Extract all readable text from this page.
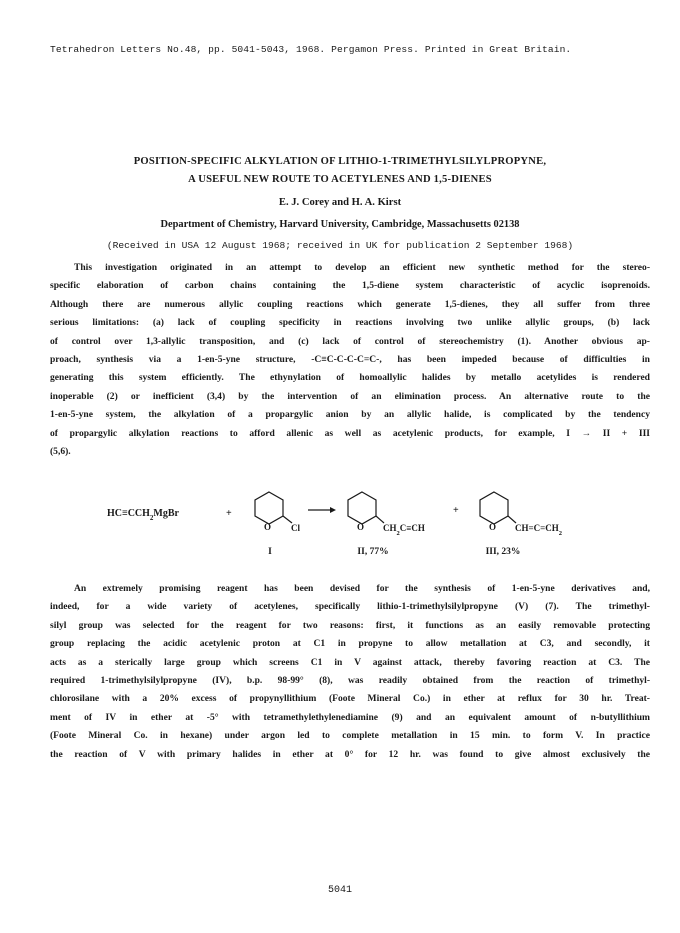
Tetrahedron Letters No.48, pp. 5041-5043, 1968. Pergamon Press. Printed in Great Britain.
POSITION-SPECIFIC ALKYLATION OF LITHIO-1-TRIMETHYLSILYLPROPYNE,
A USEFUL NEW ROUTE TO ACETYLENES AND 1,5-DIENES
E. J. Corey and H. A. Kirst
Department of Chemistry, Harvard University, Cambridge, Massachusetts 02138
(Received in USA 12 August 1968; received in UK for publication 2 September 1968)
This investigation originated in an attempt to develop an efficient new synthetic method for the stereo-
specific elaboration of carbon chains containing the 1,5-diene system characteristic of acyclic isoprenoids.
Although there are numerous allylic coupling reactions which generate 1,5-dienes, they all suffer from three
serious limitations: (a) lack of coupling specificity in reactions involving two unlike allylic groups, (b) lack
of control over 1,3-allylic transposition, and (c) lack of control of stereochemistry (1). Another obvious ap-
proach, synthesis via a 1-en-5-yne structure, -C≡C-C-C-C=C-, has been impeded because of difficulties in
generating this system efficiently. The ethynylation of homoallylic halides by metallo acetylides is rendered
inoperable (2) or inefficient (3,4) by the intervention of an elimination process. An alternative route to the
1-en-5-yne system, the alkylation of a propargylic anion by an allylic halide, is complicated by the tendency
of propargylic alkylation reactions to afford allenic as well as acetylenic products, for example, I → II + III
(5,6).
$HC\equiv CCH_2MgBr$	+
O Cl	O $CH_2C\equiv CH$
+
O $CH=C=CH_2$
I	II, 77%	III, 23%
An extremely promising reagent has been devised for the synthesis of 1-en-5-yne derivatives and,
indeed, for a wide variety of acetylenes, specifically lithio-1-trimethylsilylpropyne (V) (7). The trimethyl-
silyl group was selected for the reagent for two reasons: first, it functions as an easily removable protecting
group replacing the acidic acetylenic proton at C1 in propyne to allow metallation at C3, and secondly, it
acts as a sterically large group which screens C1 in V against attack, thereby favoring reaction at C3. The
required 1-trimethylsilylpropyne (IV), b.p. 98-99° (8), was readily obtained from the reaction of trimethyl-
chlorosilane with a 20% excess of propynyllithium (Foote Mineral Co.) in ether at reflux for 30 hr. Treat-
ment of IV in ether at -5° with tetramethylethylenediamine (9) and an equivalent amount of n-butyllithium
(Foote Mineral Co. in hexane) under argon led to complete metallation in 15 min. to form V. In practice
the reaction of V with primary halides in ether at 0° for 12 hr. was found to give almost exclusively the
5041
